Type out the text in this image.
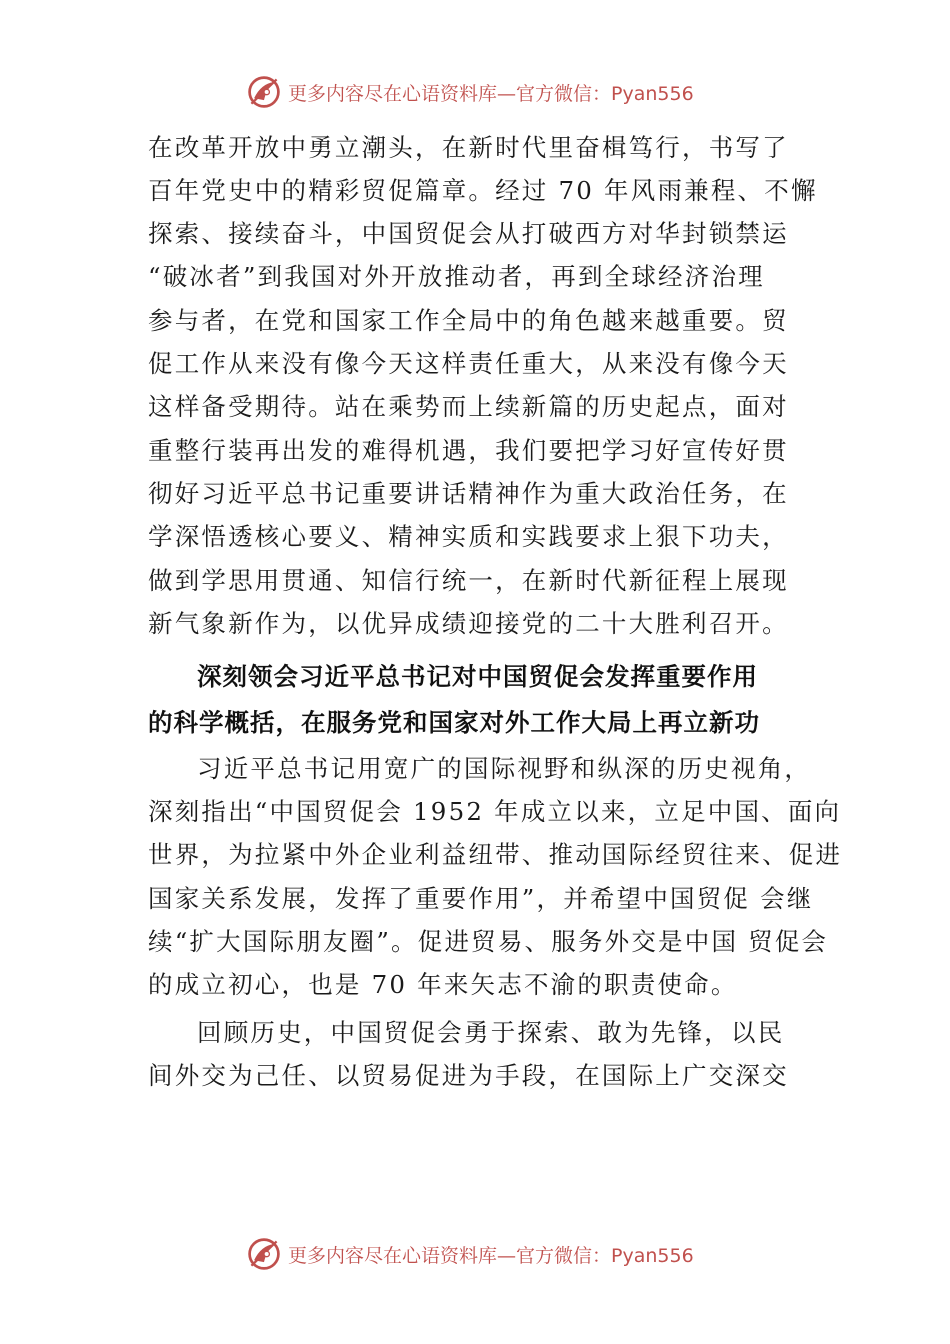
更多内容尽在心语资料库—官方微信：Pyan556
在改革开放中勇立潮头，在新时代里奋楫笃行，书写了
百年党史中的精彩贸促篇章。经过 70 年风雨兼程、不懈
探索、接续奋斗，中国贸促会从打破西方对华封锁禁运
“破冰者”到我国对外开放推动者，再到全球经济治理
参与者，在党和国家工作全局中的角色越来越重要。贸
促工作从来没有像今天这样责任重大，从来没有像今天
这样备受期待。站在乘势而上续新篇的历史起点，面对
重整行装再出发的难得机遇，我们要把学习好宣传好贯
彻好习近平总书记重要讲话精神作为重大政治任务，在
学深悟透核心要义、精神实质和实践要求上狠下功夫，
做到学思用贯通、知信行统一，在新时代新征程上展现
新气象新作为，以优异成绩迎接党的二十大胜利召开。
深刻领会习近平总书记对中国贸促会发挥重要作用
的科学概括，在服务党和国家对外工作大局上再立新功
习近平总书记用宽广的国际视野和纵深的历史视角，
深刻指出“中国贸促会 1952 年成立以来，立足中国、面向
世界，为拉紧中外企业利益纽带、推动国际经贸往来、促进
国家关系发展，发挥了重要作用”，并希望中国贸促 会继
续“扩大国际朋友圈”。促进贸易、服务外交是中国 贸促会
的成立初心，也是 70 年来矢志不渝的职责使命。
回顾历史，中国贸促会勇于探索、敢为先锋，以民
间外交为己任、以贸易促进为手段，在国际上广交深交
更多内容尽在心语资料库—官方微信：Pyan556
